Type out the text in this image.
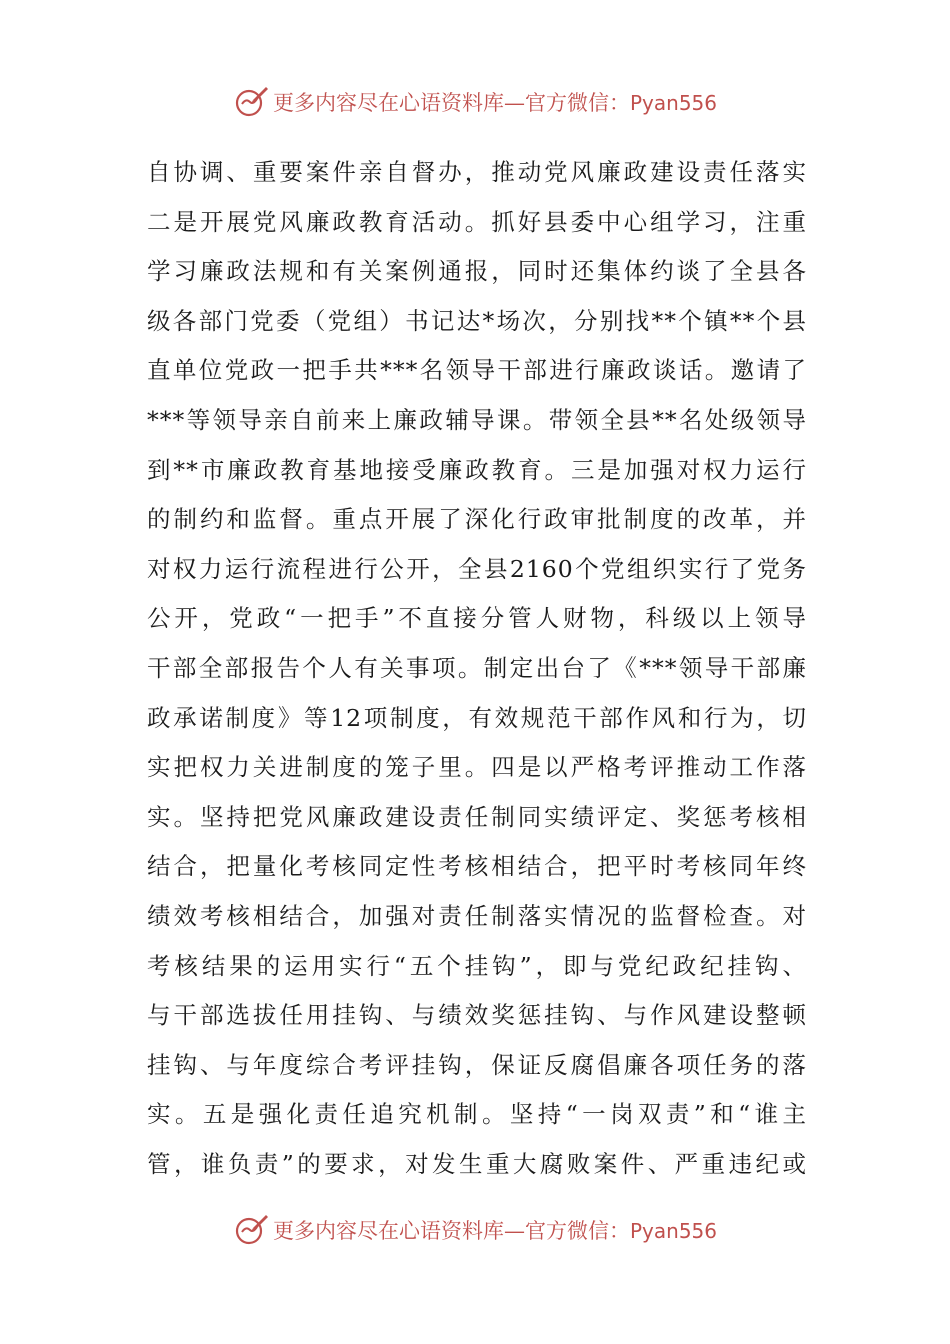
更多内容尽在心语资料库—官方微信：Pyan556
自协调、重要案件亲自督办，推动党风廉政建设责任落实
二是开展党风廉政教育活动。抓好县委中心组学习，注重
学习廉政法规和有关案例通报，同时还集体约谈了全县各
级各部门党委（党组）书记达*场次，分别找**个镇**个县
直单位党政一把手共***名领导干部进行廉政谈话。邀请了
***等领导亲自前来上廉政辅导课。带领全县**名处级领导
到**市廉政教育基地接受廉政教育。三是加强对权力运行
的制约和监督。重点开展了深化行政审批制度的改革，并
对权力运行流程进行公开，全县2160个党组织实行了党务
公开，党政“一把手”不直接分管人财物，科级以上领导
干部全部报告个人有关事项。制定出台了《***领导干部廉
政承诺制度》等12项制度，有效规范干部作风和行为，切
实把权力关进制度的笼子里。四是以严格考评推动工作落
实。坚持把党风廉政建设责任制同实绩评定、奖惩考核相
结合，把量化考核同定性考核相结合，把平时考核同年终
绩效考核相结合，加强对责任制落实情况的监督检查。对
考核结果的运用实行“五个挂钩”，即与党纪政纪挂钩、
与干部选拔任用挂钩、与绩效奖惩挂钩、与作风建设整顿
挂钩、与年度综合考评挂钩，保证反腐倡廉各项任务的落
实。五是强化责任追究机制。坚持“一岗双责”和“谁主
管，谁负责”的要求，对发生重大腐败案件、严重违纪或
更多内容尽在心语资料库—官方微信：Pyan556
